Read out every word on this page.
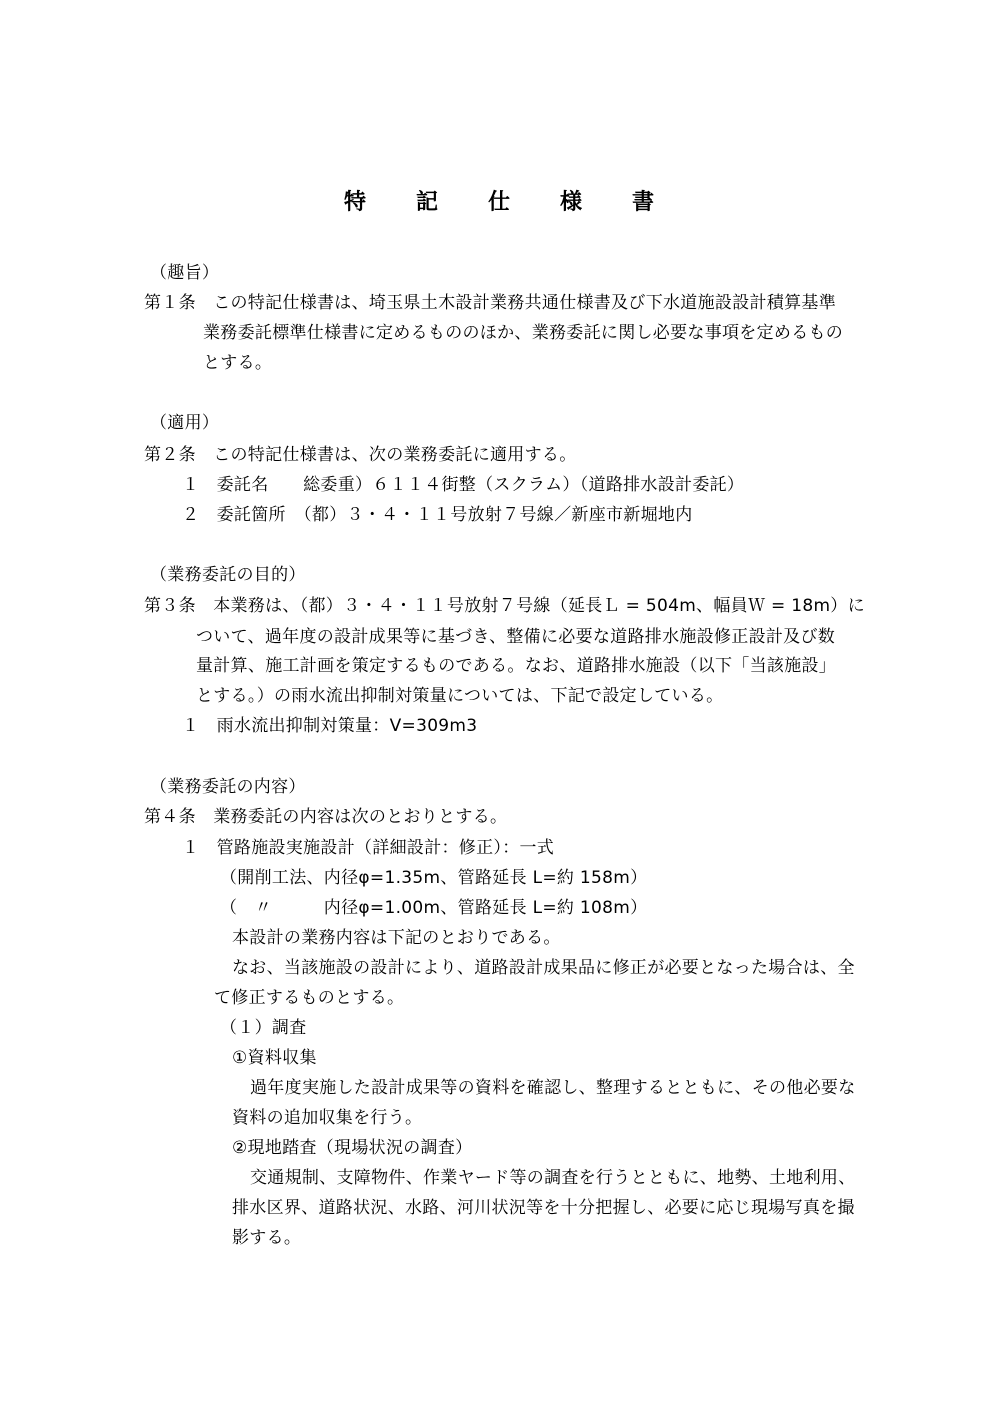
特　　記　　仕　　様　　書
（趣旨）
第１条　この特記仕様書は、埼玉県土木設計業務共通仕様書及び下水道施設設計積算基準
業務委託標準仕様書に定めるもののほか、業務委託に関し必要な事項を定めるもの
とする。
（適用）
第２条　この特記仕様書は、次の業務委託に適用する。
１　委託名　　総委重）６１１４街整（スクラム）（道路排水設計委託）
２　委託箇所　（都）３・４・１１号放射７号線／新座市新堀地内
（業務委託の目的）
第３条　本業務は、（都）３・４・１１号放射７号線（延長Ｌ = 504m、幅員Ｗ = 18m）に
ついて、過年度の設計成果等に基づき、整備に必要な道路排水施設修正設計及び数
量計算、施工計画を策定するものである。なお、道路排水施設（以下「当該施設」
とする。）の雨水流出抑制対策量については、下記で設定している。
１　雨水流出抑制対策量：V=309m3
（業務委託の内容）
第４条　業務委託の内容は次のとおりとする。
１　管路施設実施設計（詳細設計：修正）：一式
（開削工法、内径φ=1.35m、管路延長 L=約 158m）
（　〃　　　内径φ=1.00m、管路延長 L=約 108m）
本設計の業務内容は下記のとおりである。
なお、当該施設の設計により、道路設計成果品に修正が必要となった場合は、全
て修正するものとする。
（１）調査
①資料収集
過年度実施した設計成果等の資料を確認し、整理するとともに、その他必要な
資料の追加収集を行う。
②現地踏査（現場状況の調査）
交通規制、支障物件、作業ヤード等の調査を行うとともに、地勢、土地利用、
排水区界、道路状況、水路、河川状況等を十分把握し、必要に応じ現場写真を撮
影する。
